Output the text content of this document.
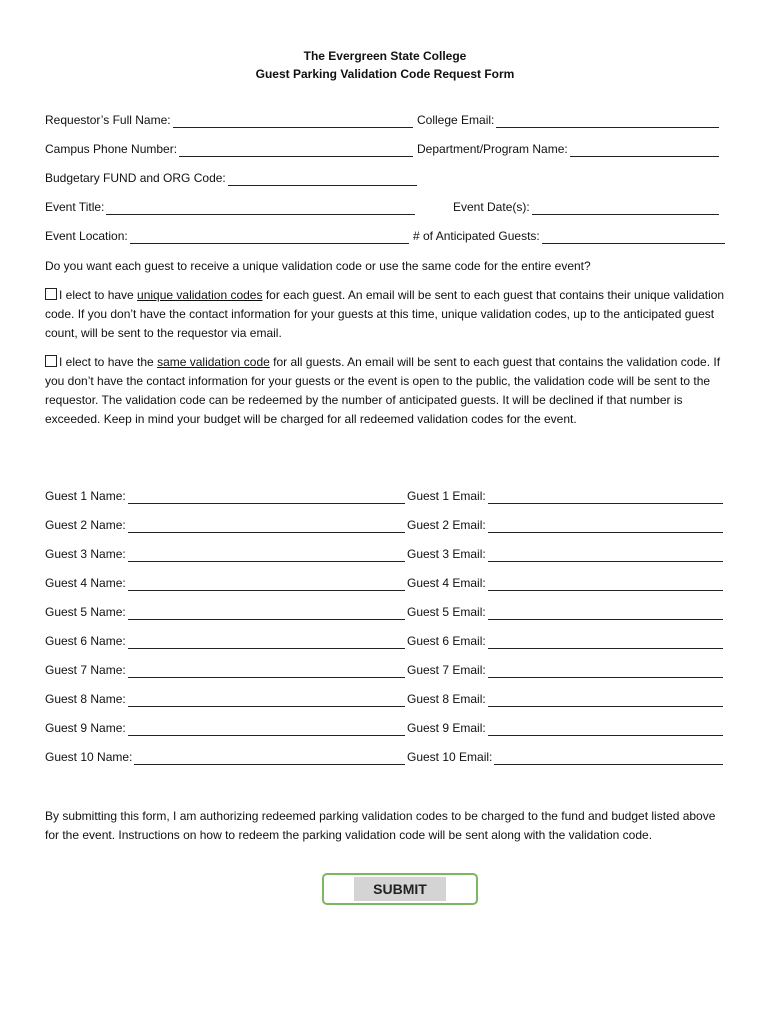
The Evergreen State College
Guest Parking Validation Code Request Form
Requestor’s Full Name:	College Email:
Campus Phone Number:	Department/Program Name:
Budgetary FUND and ORG Code:
Event Title:	Event Date(s):
Event Location:	# of Anticipated Guests:
Do you want each guest to receive a unique validation code or use the same code for the entire event?
I elect to have unique validation codes for each guest. An email will be sent to each guest that contains their unique validation code. If you don’t have the contact information for your guests at this time, unique validation codes, up to the anticipated guest count, will be sent to the requestor via email.
I elect to have the same validation code for all guests. An email will be sent to each guest that contains the validation code. If you don’t have the contact information for your guests or the event is open to the public, the validation code will be sent to the requestor. The validation code can be redeemed by the number of anticipated guests. It will be declined if that number is exceeded. Keep in mind your budget will be charged for all redeemed validation codes for the event.
Guest 1 Name:	Guest 1 Email:
Guest 2 Name:	Guest 2 Email:
Guest 3 Name:	Guest 3 Email:
Guest 4 Name:	Guest 4 Email:
Guest 5 Name:	Guest 5 Email:
Guest 6 Name:	Guest 6 Email:
Guest 7 Name:	Guest 7 Email:
Guest 8 Name:	Guest 8 Email:
Guest 9 Name:	Guest 9 Email:
Guest 10 Name:	Guest 10 Email:
By submitting this form, I am authorizing redeemed parking validation codes to be charged to the fund and budget listed above for the event. Instructions on how to redeem the parking validation code will be sent along with the validation code.
SUBMIT
